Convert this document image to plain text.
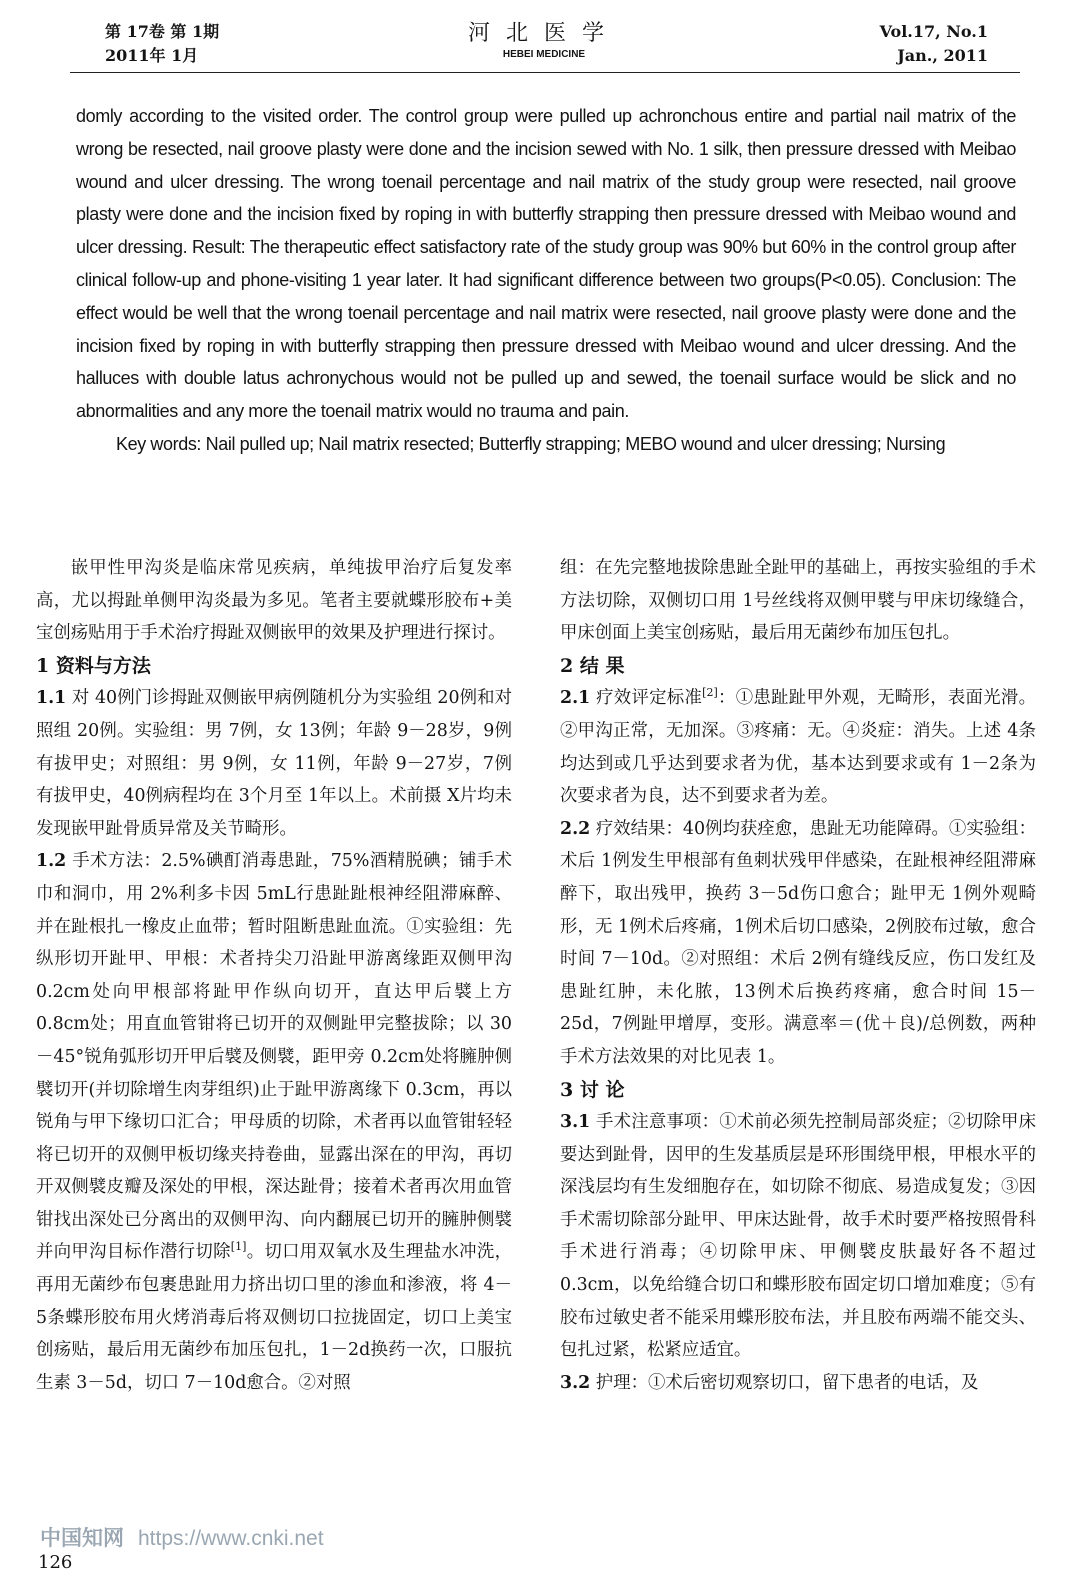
第 17卷 第 1期
2011年 1月
河北医学
HEBEI MEDICINE
Vol.17, No.1
Jan., 2011

domly according to the visited order. The control group were pulled up achronchous entire and partial nail matrix of the wrong be resected, nail groove plasty were done and the incision sewed with No. 1 silk, then pressure dressed with Meibao wound and ulcer dressing. The wrong toenail percentage and nail matrix of the study group were resected, nail groove plasty were done and the incision fixed by roping in with butterfly strapping then pressure dressed with Meibao wound and ulcer dressing. Result: The therapeutic effect satisfactory rate of the study group was 90% but 60% in the control group after clinical follow-up and phone-visiting 1 year later. It had significant difference between two groups(P<0.05). Conclusion: The effect would be well that the wrong toenail percentage and nail matrix were resected, nail groove plasty were done and the incision fixed by roping in with butterfly strapping then pressure dressed with Meibao wound and ulcer dressing. And the halluces with double latus achronychous would not be pulled up and sewed, the toenail surface would be slick and no abnormalities and any more the toenail matrix would no trauma and pain.

Key words: Nail pulled up; Nail matrix resected; Butterfly strapping; MEBO wound and ulcer dressing; Nursing

嵌甲性甲沟炎是临床常见疾病，单纯拔甲治疗后复发率高，尤以拇趾单侧甲沟炎最为多见。笔者主要就蝶形胶布+美宝创疡贴用于手术治疗拇趾双侧嵌甲的效果及护理进行探讨。

1 资料与方法

1.1 对 40例门诊拇趾双侧嵌甲病例随机分为实验组 20例和对照组 20例。实验组：男 7例，女 13例；年龄 9－28岁，9例有拔甲史；对照组：男 9例，女 11例，年龄 9－27岁，7例有拔甲史，40例病程均在 3个月至 1年以上。术前摄 X片均未发现嵌甲趾骨质异常及关节畸形。

1.2 手术方法：2.5%碘酊消毒患趾，75%酒精脱碘；铺手术巾和洞巾，用 2%利多卡因 5mL行患趾趾根神经阻滞麻醉、并在趾根扎一橡皮止血带；暂时阻断患趾血流。①实验组：先纵形切开趾甲、甲根：术者持尖刀沿趾甲游离缘距双侧甲沟 0.2cm处向甲根部将趾甲作纵向切开，直达甲后襞上方 0.8cm处；用直血管钳将已切开的双侧趾甲完整拔除；以 30－45°锐角弧形切开甲后襞及侧襞，距甲旁 0.2cm处将臃肿侧襞切开(并切除增生肉芽组织)止于趾甲游离缘下 0.3cm，再以锐角与甲下缘切口汇合；甲母质的切除，术者再以血管钳轻轻将已切开的双侧甲板切缘夹持卷曲，显露出深在的甲沟，再切开双侧襞皮瓣及深处的甲根，深达趾骨；接着术者再次用血管钳找出深处已分离出的双侧甲沟、向内翻展已切开的臃肿侧襞并向甲沟目标作潜行切除[1]。切口用双氧水及生理盐水冲洗，再用无菌纱布包裹患趾用力挤出切口里的渗血和渗液，将 4－5条蝶形胶布用火烤消毒后将双侧切口拉拢固定，切口上美宝创疡贴，最后用无菌纱布加压包扎，1－2d换药一次，口服抗生素 3－5d，切口 7－10d愈合。②对照

组：在先完整地拔除患趾全趾甲的基础上，再按实验组的手术方法切除，双侧切口用 1号丝线将双侧甲襞与甲床切缘缝合，甲床创面上美宝创疡贴，最后用无菌纱布加压包扎。

2 结 果

2.1 疗效评定标准[2]：①患趾趾甲外观，无畸形，表面光滑。②甲沟正常，无加深。③疼痛：无。④炎症：消失。上述 4条均达到或几乎达到要求者为优，基本达到要求或有 1－2条为次要求者为良，达不到要求者为差。

2.2 疗效结果：40例均获痊愈，患趾无功能障碍。①实验组：术后 1例发生甲根部有鱼刺状残甲伴感染，在趾根神经阻滞麻醉下，取出残甲，换药 3－5d伤口愈合；趾甲无 1例外观畸形，无 1例术后疼痛，1例术后切口感染，2例胶布过敏，愈合时间 7－10d。②对照组：术后 2例有缝线反应，伤口发红及患趾红肿，未化脓，13例术后换药疼痛，愈合时间 15－25d，7例趾甲增厚，变形。满意率＝(优＋良)/总例数，两种手术方法效果的对比见表 1。

3 讨 论

3.1 手术注意事项：①术前必须先控制局部炎症；②切除甲床要达到趾骨，因甲的生发基质层是环形围绕甲根，甲根水平的深浅层均有生发细胞存在，如切除不彻底、易造成复发；③因手术需切除部分趾甲、甲床达趾骨，故手术时要严格按照骨科手术进行消毒；④切除甲床、甲侧襞皮肤最好各不超过 0.3cm，以免给缝合切口和蝶形胶布固定切口增加难度；⑤有胶布过敏史者不能采用蝶形胶布法，并且胶布两端不能交头、包扎过紧，松紧应适宜。

3.2 护理：①术后密切观察切口，留下患者的电话，及

中国知网 https://www.cnki.net
126
